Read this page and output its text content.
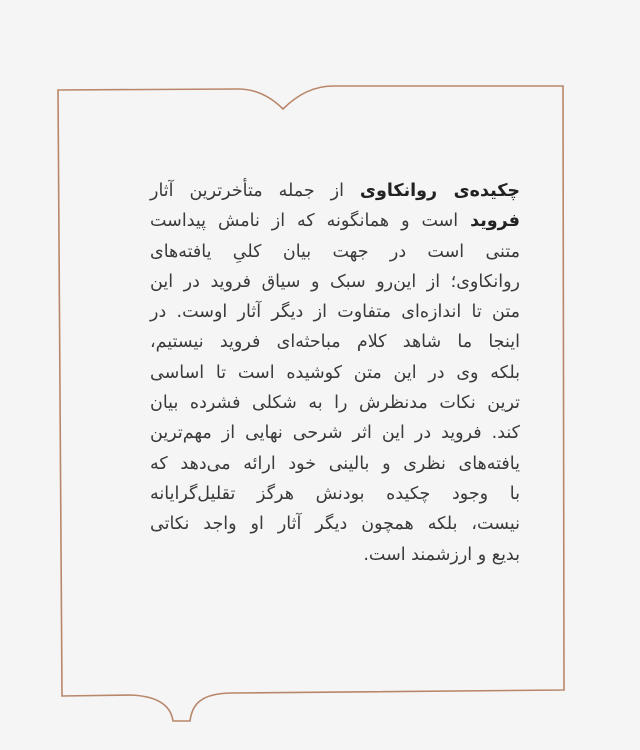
چکیده‌ی روانکاوی از جمله متأخرترین آثار
فروید است و همانگونه که از نامش پیداست
متنی است در جهت بیان کلیِ یافته‌های
روانکاوی؛ از این‌رو سبک و سیاق فروید در این
متن تا اندازه‌ای متفاوت از دیگر آثار اوست. در
اینجا ما شاهد کلام مباحثه‌ای فروید نیستیم،
بلکه وی در این متن کوشیده است تا اساسی
ترین نکات مدنظرش را به شکلی فشرده بیان
کند. فروید در این اثر شرحی نهایی از مهم‌ترین
یافته‌های نظری و بالینی خود ارائه می‌دهد که
با وجود چکیده بودنش هرگز تقلیل‌گرایانه
نیست، بلکه همچون دیگر آثار او واجد نکاتی
بدیع و ارزشمند است.
